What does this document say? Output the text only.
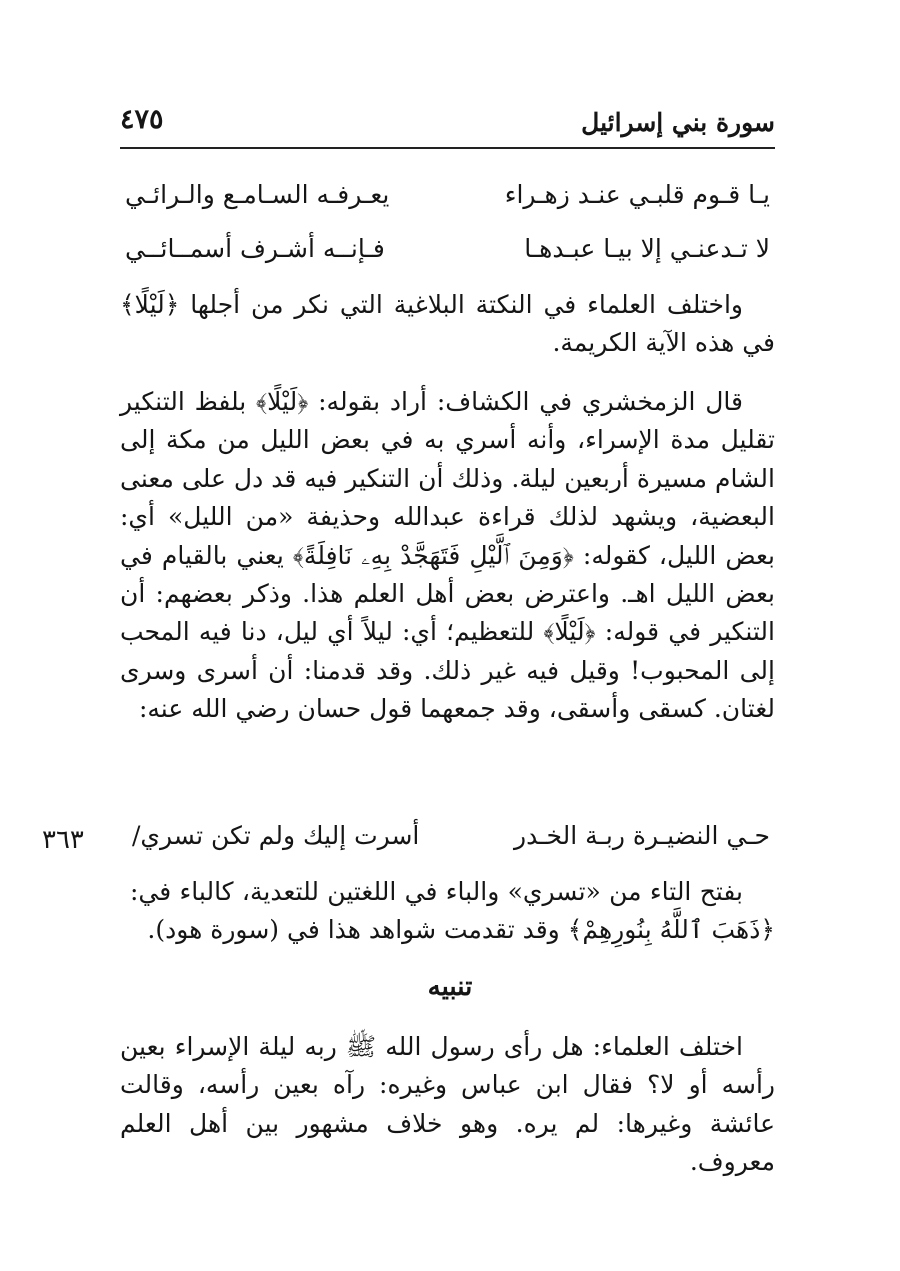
سورة بني إسرائيل
٤٧٥
يـا قـوم قلبـي عنـد زهـراء
يعـرفـه السـامـع والـرائـي
لا تـدعنـي إلا بيـا عبـدهـا
فـإنــه أشـرف أسمــائــي

واختلف العلماء في النكتة البلاغية التي نكر من أجلها ﴿لَيْلًا﴾ في هذه الآية الكريمة.

قال الزمخشري في الكشاف: أراد بقوله: ﴿لَيْلًا﴾ بلفظ التنكير تقليل مدة الإسراء، وأنه أسري به في بعض الليل من مكة إلى الشام مسيرة أربعين ليلة. وذلك أن التنكير فيه قد دل على معنى البعضية، ويشهد لذلك قراءة عبدالله وحذيفة «من الليل» أي: بعض الليل، كقوله: ﴿وَمِنَ ٱلَّيْلِ فَتَهَجَّدْ بِهِۦ نَافِلَةً﴾ يعني بالقيام في بعض الليل اهـ. واعترض بعض أهل العلم هذا. وذكر بعضهم: أن التنكير في قوله: ﴿لَيْلًا﴾ للتعظيم؛ أي: ليلاً أي ليل، دنا فيه المحب إلى المحبوب! وقيل فيه غير ذلك. وقد قدمنا: أن أسرى وسرى لغتان. كسقى وأسقى، وقد جمعهما قول حسان رضي الله عنه:

حـي النضيـرة ربـة الخـدر
أسرت إليك ولم تكن تسري/
٣٦٣

بفتح التاء من «تسري» والباء في اللغتين للتعدية، كالباء في: ﴿ذَهَبَ ٱللَّهُ بِنُورِهِمْ﴾ وقد تقدمت شواهد هذا في (سورة هود).

تنبيه

اختلف العلماء: هل رأى رسول الله ﷺ ربه ليلة الإسراء بعين رأسه أو لا؟ فقال ابن عباس وغيره: رآه بعين رأسه، وقالت عائشة وغيرها: لم يره. وهو خلاف مشهور بين أهل العلم معروف.
